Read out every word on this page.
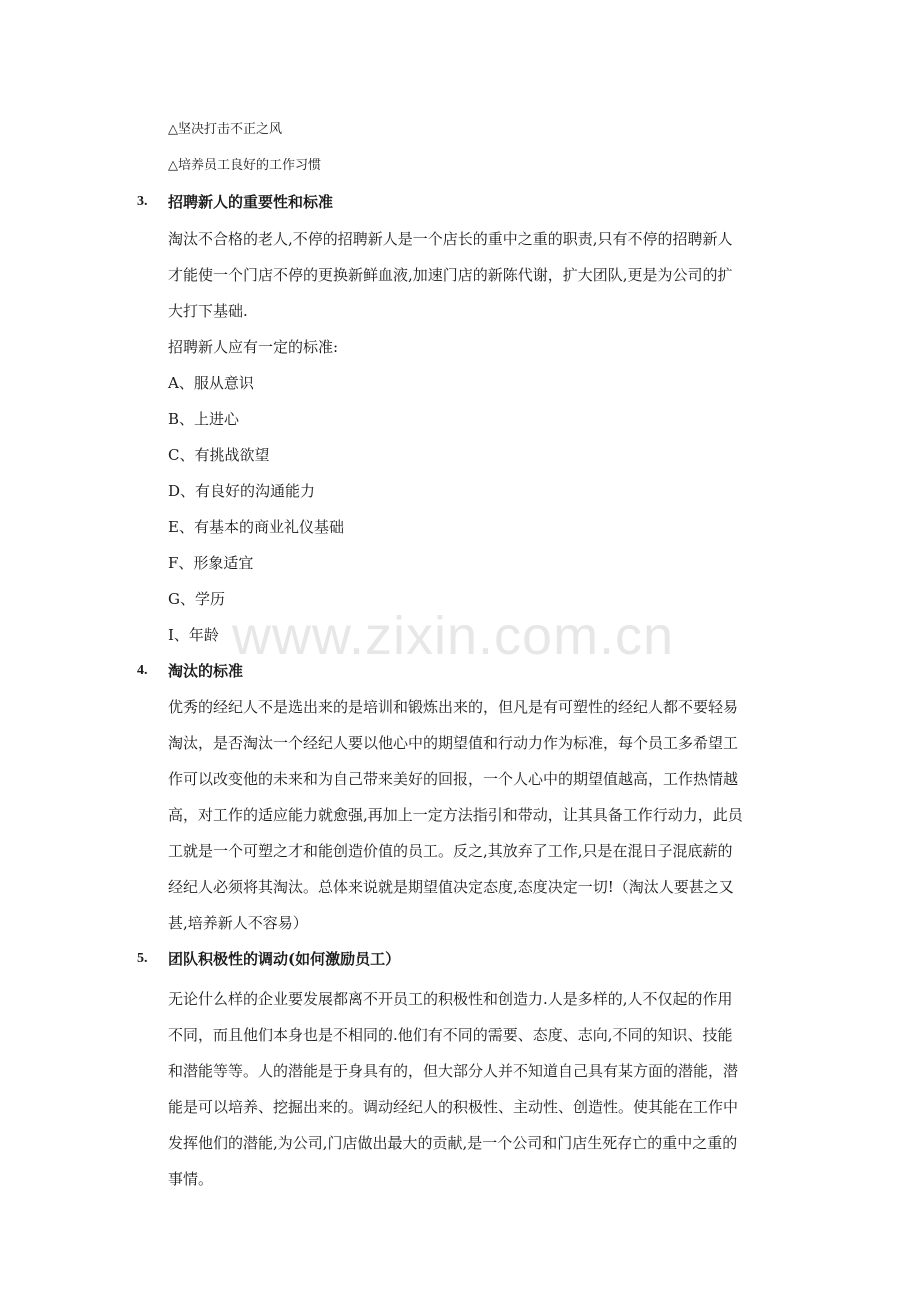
△坚决打击不正之风
△培养员工良好的工作习惯
3. 招聘新人的重要性和标准
淘汰不合格的老人,不停的招聘新人是一个店长的重中之重的职责,只有不停的招聘新人
才能使一个门店不停的更换新鲜血液,加速门店的新陈代谢，扩大团队,更是为公司的扩
大打下基础.
招聘新人应有一定的标准:
A、服从意识
B、上进心
C、有挑战欲望
D、有良好的沟通能力
E、有基本的商业礼仪基础
F、形象适宜
G、学历
I、年龄
4. 淘汰的标准
优秀的经纪人不是选出来的是培训和锻炼出来的，但凡是有可塑性的经纪人都不要轻易
淘汰，是否淘汰一个经纪人要以他心中的期望值和行动力作为标准，每个员工多希望工
作可以改变他的未来和为自己带来美好的回报，一个人心中的期望值越高，工作热情越
高，对工作的适应能力就愈强,再加上一定方法指引和带动，让其具备工作行动力，此员
工就是一个可塑之才和能创造价值的员工。反之,其放弃了工作,只是在混日子混底薪的
经纪人必须将其淘汰。总体来说就是期望值决定态度,态度决定一切!（淘汰人要甚之又
甚,培养新人不容易）
5. 团队积极性的调动(如何激励员工）
无论什么样的企业要发展都离不开员工的积极性和创造力.人是多样的,人不仅起的作用
不同，而且他们本身也是不相同的.他们有不同的需要、态度、志向,不同的知识、技能
和潜能等等。人的潜能是于身具有的，但大部分人并不知道自己具有某方面的潜能，潜
能是可以培养、挖掘出来的。调动经纪人的积极性、主动性、创造性。使其能在工作中
发挥他们的潜能,为公司,门店做出最大的贡献,是一个公司和门店生死存亡的重中之重的
事情。
www.zixin.com.cn
